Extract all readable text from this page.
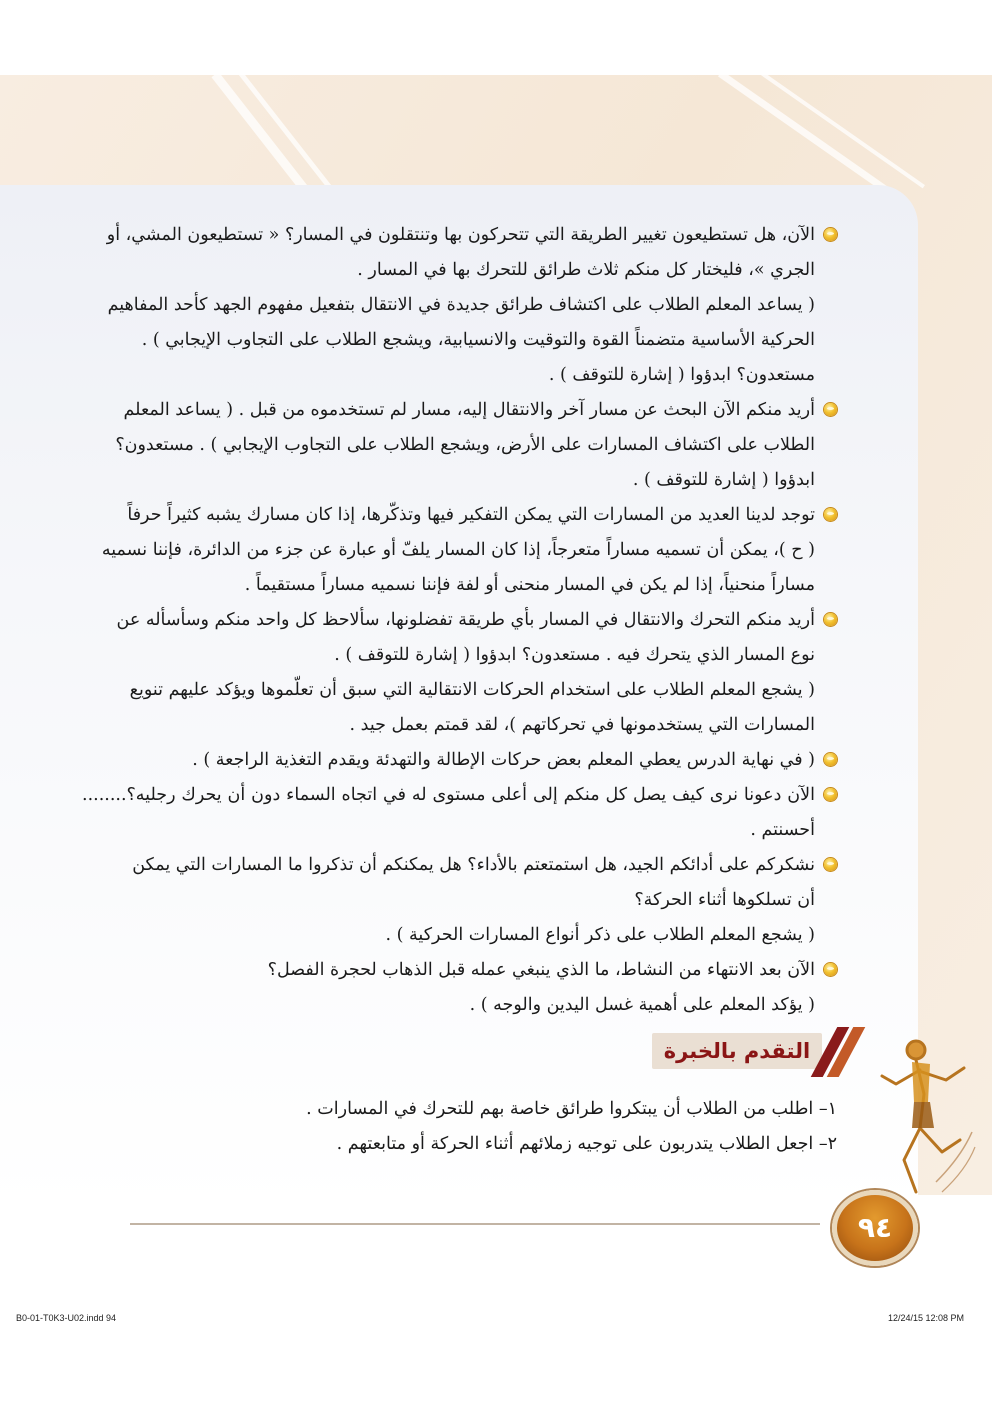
الآن، هل تستطيعون تغيير الطريقة التي تتحركون بها وتنتقلون في المسار؟ « تستطيعون المشي، أو
الجري »، فليختار كل منكم ثلاث طرائق للتحرك بها في المسار .
( يساعد المعلم الطلاب على اكتشاف طرائق جديدة في الانتقال بتفعيل مفهوم الجهد كأحد المفاهيم
الحركية الأساسية متضمناً القوة والتوقيت والانسيابية، ويشجع الطلاب على التجاوب الإيجابي ) .
مستعدون؟ ابدؤوا ( إشارة للتوقف ) .
أريد منكم الآن البحث عن مسار آخر والانتقال إليه، مسار لم تستخدموه من قبل . ( يساعد المعلم
الطلاب على اكتشاف المسارات على الأرض، ويشجع الطلاب على التجاوب الإيجابي ) . مستعدون؟
ابدؤوا ( إشارة للتوقف ) .
توجد لدينا العديد من المسارات التي يمكن التفكير فيها وتذكّرها، إذا كان مسارك يشبه كثيراً حرفاً
( ح )، يمكن أن تسميه مساراً متعرجاً، إذا كان المسار يلفّ أو عبارة عن جزء من الدائرة، فإننا نسميه
مساراً منحنياً، إذا لم يكن في المسار منحنى أو لفة فإننا نسميه مساراً مستقيماً .
أريد منكم التحرك والانتقال في المسار بأي طريقة تفضلونها، سألاحظ كل واحد منكم وسأسأله عن
نوع المسار الذي يتحرك فيه . مستعدون؟ ابدؤوا ( إشارة للتوقف ) .
( يشجع المعلم الطلاب على استخدام الحركات الانتقالية التي سبق أن تعلّموها ويؤكد عليهم تنويع
المسارات التي يستخدمونها في تحركاتهم )، لقد قمتم بعمل جيد .
( في نهاية الدرس يعطي المعلم بعض حركات الإطالة والتهدئة ويقدم التغذية الراجعة ) .
الآن دعونا نرى كيف يصل كل منكم إلى أعلى مستوى له في اتجاه السماء دون أن يحرك رجليه؟........ أحسنتم .
نشكركم على أدائكم الجيد، هل استمتعتم بالأداء؟ هل يمكنكم أن تذكروا ما المسارات التي يمكن
أن تسلكوها أثناء الحركة؟
( يشجع المعلم الطلاب على ذكر أنواع المسارات الحركية ) .
الآن بعد الانتهاء من النشاط، ما الذي ينبغي عمله قبل الذهاب لحجرة الفصل؟
( يؤكد المعلم على أهمية غسل اليدين والوجه ) .
التقدم بالخبرة

١– اطلب من الطلاب أن يبتكروا طرائق خاصة بهم للتحرك في المسارات .

٢– اجعل الطلاب يتدربون على توجيه زملائهم أثناء الحركة أو متابعتهم .

٩٤
B0-01-T0K3-U02.indd 94	12/24/15 12:08 PM
